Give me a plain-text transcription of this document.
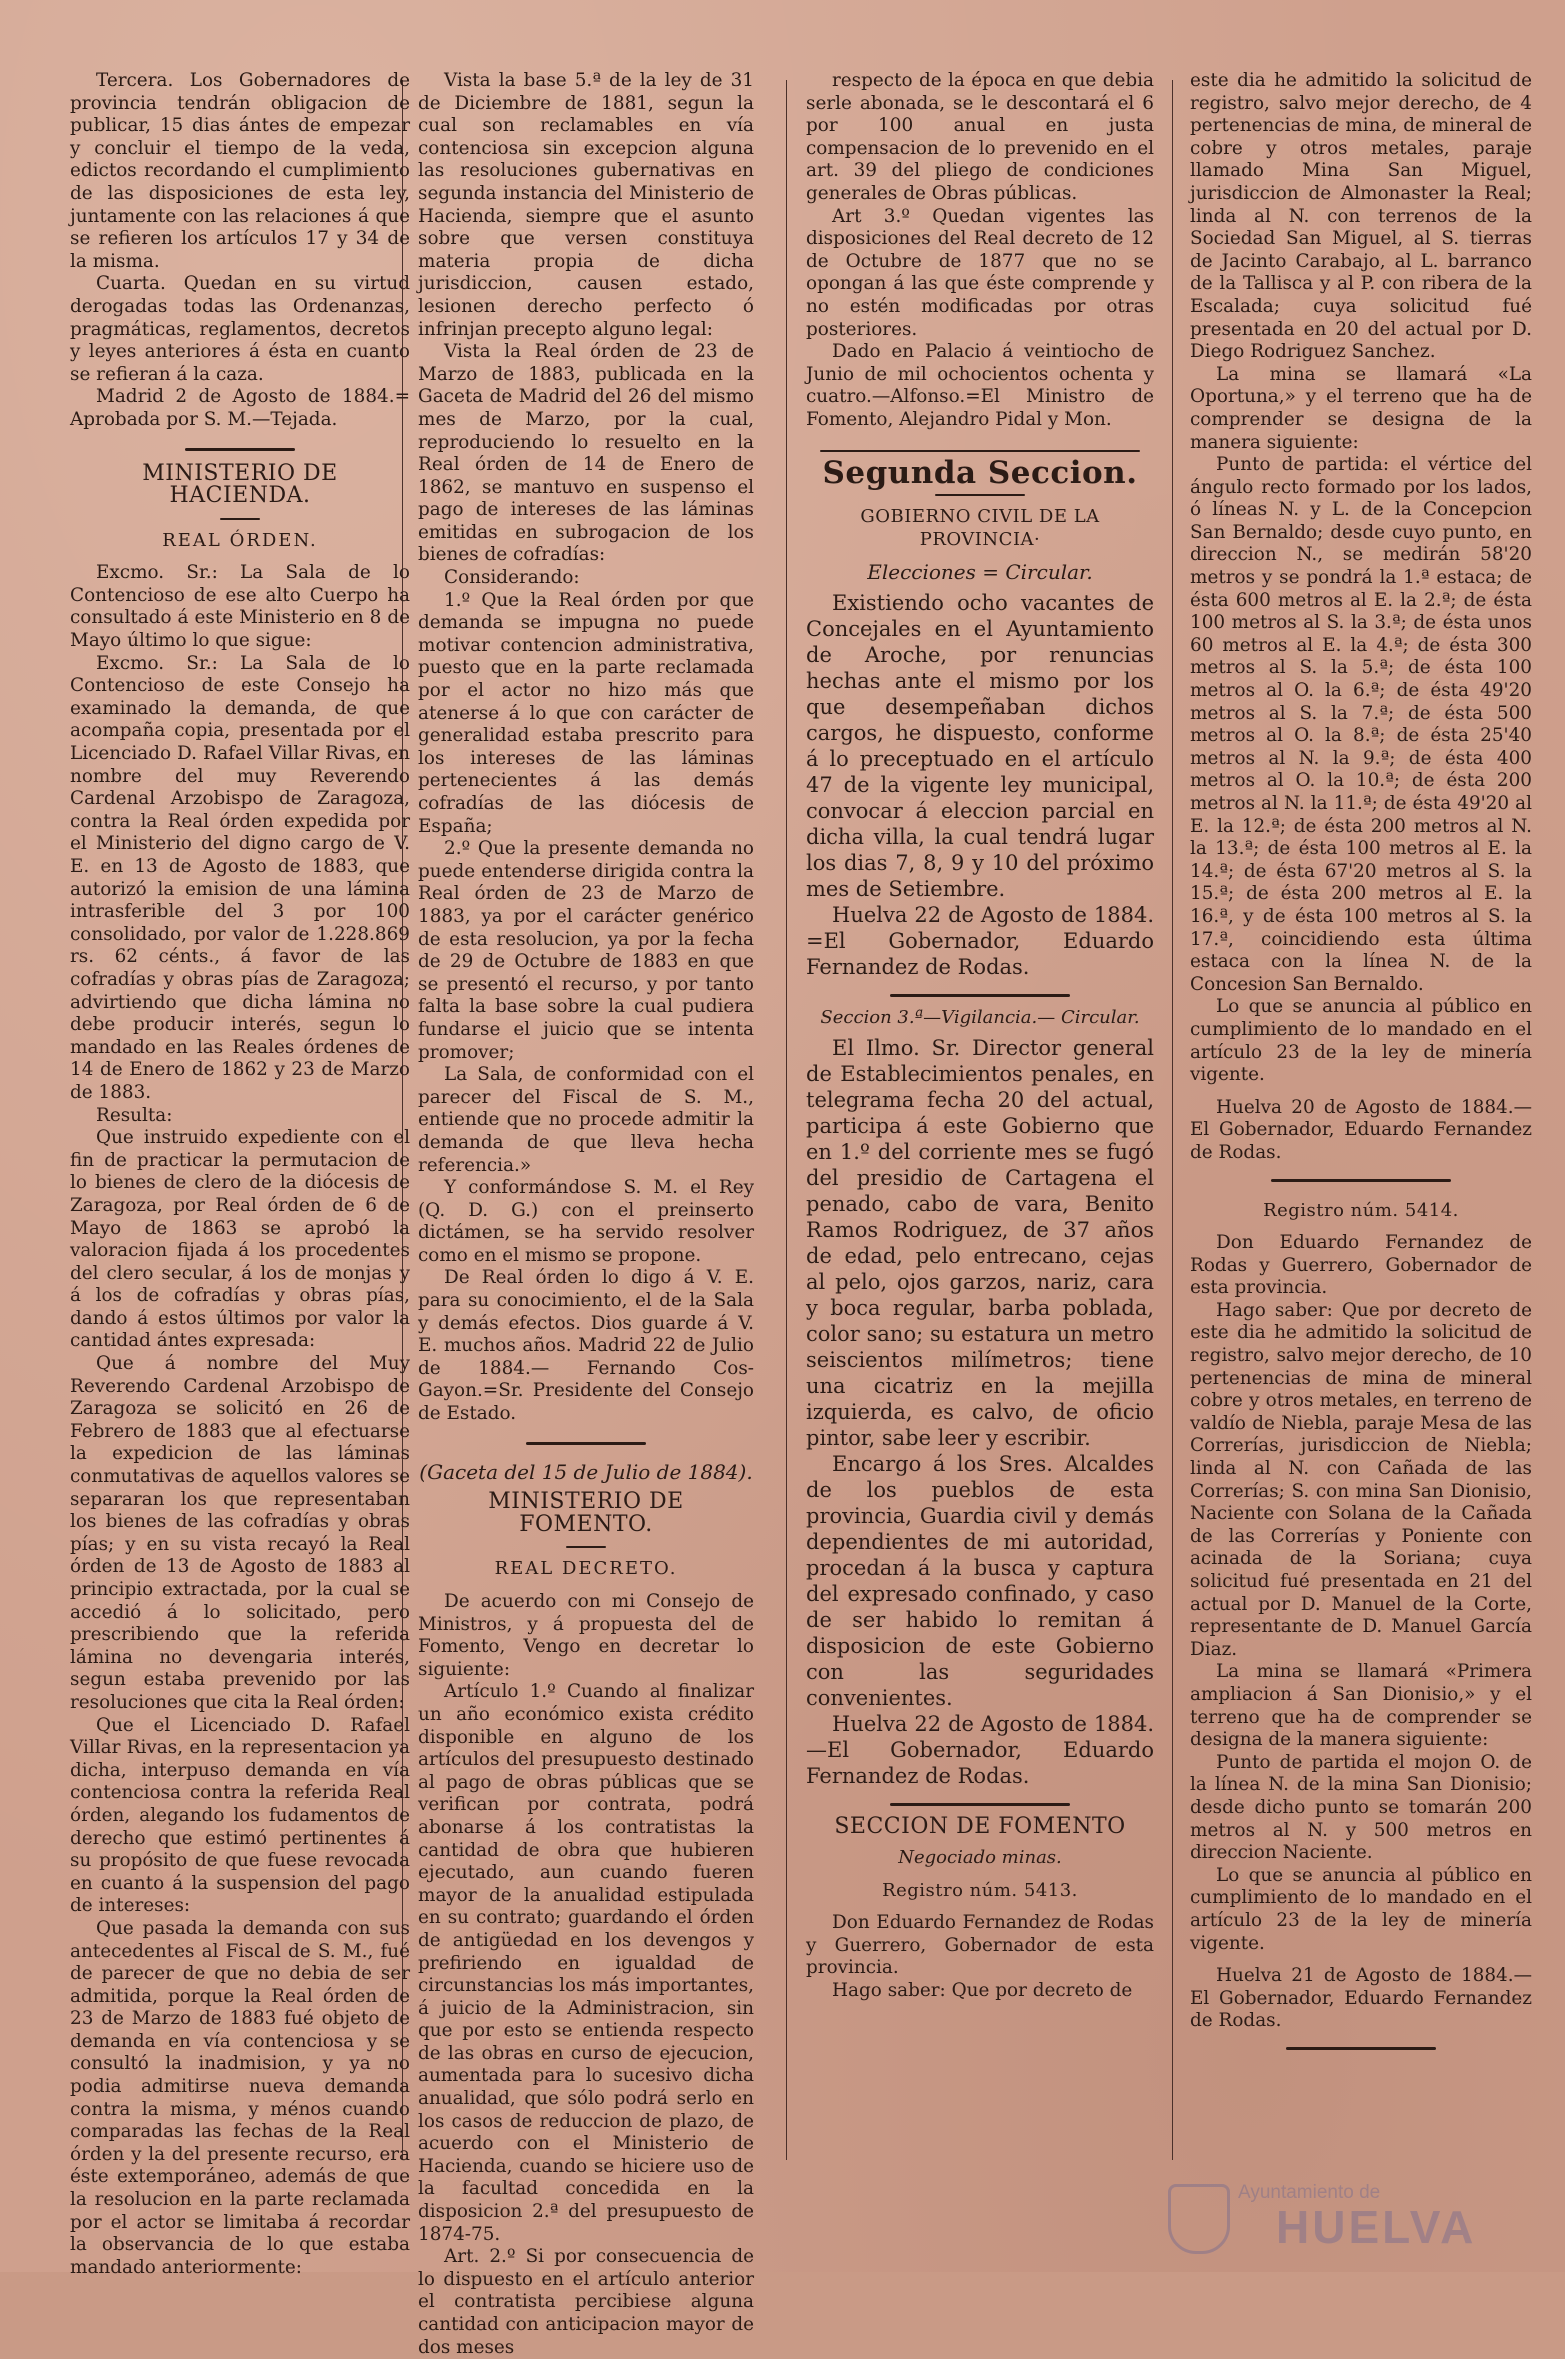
Tercera. Los Gobernadores de provincia tendrán obligacion de publicar, 15 dias ántes de empezar y concluir el tiempo de la veda, edictos recordando el cumplimiento de las disposiciones de esta ley, juntamente con las relaciones á que se refieren los artículos 17 y 34 de la misma.

Cuarta. Quedan en su virtud derogadas todas las Ordenanzas, pragmáticas, reglamentos, decretos y leyes anteriores á ésta en cuanto se refieran á la caza.

Madrid 2 de Agosto de 1884.= Aprobada por S. M.—Tejada.

MINISTERIO DE HACIENDA.

REAL ÓRDEN.

Excmo. Sr.: La Sala de lo Contencioso de ese alto Cuerpo ha consultado á este Ministerio en 8 de Mayo último lo que sigue:

Excmo. Sr.: La Sala de lo Contencioso de este Consejo ha examinado la demanda, de que acompaña copia, presentada por el Licenciado D. Rafael Villar Rivas, en nombre del muy Reverendo Cardenal Arzobispo de Zaragoza, contra la Real órden expedida por el Ministerio del digno cargo de V. E. en 13 de Agosto de 1883, que autorizó la emision de una lámina intrasferible del 3 por 100 consolidado, por valor de 1.228.869 rs. 62 cénts., á favor de las cofradías y obras pías de Zaragoza; advirtiendo que dicha lámina no debe producir interés, segun lo mandado en las Reales órdenes de 14 de Enero de 1862 y 23 de Marzo de 1883.

Resulta:

Que instruido expediente con el fin de practicar la permutacion de lo bienes de clero de la diócesis de Zaragoza, por Real órden de 6 de Mayo de 1863 se aprobó la valoracion fijada á los procedentes del clero secular, á los de monjas y á los de cofradías y obras pías, dando á estos últimos por valor la cantidad ántes expresada:

Que á nombre del Muy Reverendo Cardenal Arzobispo de Zaragoza se solicitó en 26 de Febrero de 1883 que al efectuarse la expedicion de las láminas conmutativas de aquellos valores se separaran los que representaban los bienes de las cofradías y obras pías; y en su vista recayó la Real órden de 13 de Agosto de 1883 al principio extractada, por la cual se accedió á lo solicitado, pero prescribiendo que la referida lámina no devengaria interés, segun estaba prevenido por las resoluciones que cita la Real órden:

Que el Licenciado D. Rafael Villar Rivas, en la representacion ya dicha, interpuso demanda en vía contenciosa contra la referida Real órden, alegando los fudamentos de derecho que estimó pertinentes á su propósito de que fuese revocada en cuanto á la suspension del pago de intereses:

Que pasada la demanda con sus antecedentes al Fiscal de S. M., fué de parecer de que no debia de ser admitida, porque la Real órden de 23 de Marzo de 1883 fué objeto de demanda en vía contenciosa y se consultó la inadmision, y ya no podia admitirse nueva demanda contra la misma, y ménos cuando comparadas las fechas de la Real órden y la del presente recurso, era éste extemporáneo, además de que la resolucion en la parte reclamada por el actor se limitaba á recordar la observancia de lo que estaba mandado anteriormente:

Vista la base 5.ª de la ley de 31 de Diciembre de 1881, segun la cual son reclamables en vía contenciosa sin excepcion alguna las resoluciones gubernativas en segunda instancia del Ministerio de Hacienda, siempre que el asunto sobre que versen constituya materia propia de dicha jurisdiccion, causen estado, lesionen derecho perfecto ó infrinjan precepto alguno legal:

Vista la Real órden de 23 de Marzo de 1883, publicada en la Gaceta de Madrid del 26 del mismo mes de Marzo, por la cual, reproduciendo lo resuelto en la Real órden de 14 de Enero de 1862, se mantuvo en suspenso el pago de intereses de las láminas emitidas en subrogacion de los bienes de cofradías:

Considerando:

1.º Que la Real órden por que demanda se impugna no puede motivar contencion administrativa, puesto que en la parte reclamada por el actor no hizo más que atenerse á lo que con carácter de generalidad estaba prescrito para los intereses de las láminas pertenecientes á las demás cofradías de las diócesis de España;

2.º Que la presente demanda no puede entenderse dirigida contra la Real órden de 23 de Marzo de 1883, ya por el carácter genérico de esta resolucion, ya por la fecha de 29 de Octubre de 1883 en que se presentó el recurso, y por tanto falta la base sobre la cual pudiera fundarse el juicio que se intenta promover;

La Sala, de conformidad con el parecer del Fiscal de S. M., entiende que no procede admitir la demanda de que lleva hecha referencia.»

Y conformándose S. M. el Rey (Q. D. G.) con el preinserto dictámen, se ha servido resolver como en el mismo se propone.

De Real órden lo digo á V. E. para su conocimiento, el de la Sala y demás efectos. Dios guarde á V. E. muchos años. Madrid 22 de Julio de 1884.— Fernando Cos-Gayon.=Sr. Presidente del Consejo de Estado.

(Gaceta del 15 de Julio de 1884).

MINISTERIO DE FOMENTO.

REAL DECRETO.

De acuerdo con mi Consejo de Ministros, y á propuesta del de Fomento, Vengo en decretar lo siguiente:

Artículo 1.º Cuando al finalizar un año económico exista crédito disponible en alguno de los artículos del presupuesto destinado al pago de obras públicas que se verifican por contrata, podrá abonarse á los contratistas la cantidad de obra que hubieren ejecutado, aun cuando fueren mayor de la anualidad estipulada en su contrato; guardando el órden de antigüedad en los devengos y prefiriendo en igualdad de circunstancias los más importantes, á juicio de la Administracion, sin que por esto se entienda respecto de las obras en curso de ejecucion, aumentada para lo sucesivo dicha anualidad, que sólo podrá serlo en los casos de reduccion de plazo, de acuerdo con el Ministerio de Hacienda, cuando se hiciere uso de la facultad concedida en la disposicion 2.ª del presupuesto de 1874-75.

Art. 2.º Si por consecuencia de lo dispuesto en el artículo anterior el contratista percibiese alguna cantidad con anticipacion mayor de dos meses

respecto de la época en que debia serle abonada, se le descontará el 6 por 100 anual en justa compensacion de lo prevenido en el art. 39 del pliego de condiciones generales de Obras públicas.

Art 3.º Quedan vigentes las disposiciones del Real decreto de 12 de Octubre de 1877 que no se opongan á las que éste comprende y no estén modificadas por otras posteriores.

Dado en Palacio á veintiocho de Junio de mil ochocientos ochenta y cuatro.—Alfonso.=El Ministro de Fomento, Alejandro Pidal y Mon.

Segunda Seccion.

GOBIERNO CIVIL DE LA PROVINCIA·

Elecciones = Circular.

Existiendo ocho vacantes de Concejales en el Ayuntamiento de Aroche, por renuncias hechas ante el mismo por los que desempeñaban dichos cargos, he dispuesto, conforme á lo preceptuado en el artículo 47 de la vigente ley municipal, convocar á eleccion parcial en dicha villa, la cual tendrá lugar los dias 7, 8, 9 y 10 del próximo mes de Setiembre.

Huelva 22 de Agosto de 1884. =El Gobernador, Eduardo Fernandez de Rodas.

Seccion 3.ª—Vigilancia.— Circular.

El Ilmo. Sr. Director general de Establecimientos penales, en telegrama fecha 20 del actual, participa á este Gobierno que en 1.º del corriente mes se fugó del presidio de Cartagena el penado, cabo de vara, Benito Ramos Rodriguez, de 37 años de edad, pelo entrecano, cejas al pelo, ojos garzos, nariz, cara y boca regular, barba poblada, color sano; su estatura un metro seiscientos milímetros; tiene una cicatriz en la mejilla izquierda, es calvo, de oficio pintor, sabe leer y escribir.

Encargo á los Sres. Alcaldes de los pueblos de esta provincia, Guardia civil y demás dependientes de mi autoridad, procedan á la busca y captura del expresado confinado, y caso de ser habido lo remitan á disposicion de este Gobierno con las seguridades convenientes.

Huelva 22 de Agosto de 1884. —El Gobernador, Eduardo Fernandez de Rodas.

SECCION DE FOMENTO

Negociado minas.

Registro núm. 5413.

Don Eduardo Fernandez de Rodas y Guerrero, Gobernador de esta provincia.

Hago saber: Que por decreto de

este dia he admitido la solicitud de registro, salvo mejor derecho, de 4 pertenencias de mina, de mineral de cobre y otros metales, paraje llamado Mina San Miguel, jurisdiccion de Almonaster la Real; linda al N. con terrenos de la Sociedad San Miguel, al S. tierras de Jacinto Carabajo, al L. barranco de la Tallisca y al P. con ribera de la Escalada; cuya solicitud fué presentada en 20 del actual por D. Diego Rodriguez Sanchez.

La mina se llamará «La Oportuna,» y el terreno que ha de comprender se designa de la manera siguiente:

Punto de partida: el vértice del ángulo recto formado por los lados, ó líneas N. y L. de la Concepcion San Bernaldo; desde cuyo punto, en direccion N., se medirán 58'20 metros y se pondrá la 1.ª estaca; de ésta 600 metros al E. la 2.ª; de ésta 100 metros al S. la 3.ª; de ésta unos 60 metros al E. la 4.ª; de ésta 300 metros al S. la 5.ª; de ésta 100 metros al O. la 6.ª; de ésta 49'20 metros al S. la 7.ª; de ésta 500 metros al O. la 8.ª; de ésta 25'40 metros al N. la 9.ª; de ésta 400 metros al O. la 10.ª; de ésta 200 metros al N. la 11.ª; de ésta 49'20 al E. la 12.ª; de ésta 200 metros al N. la 13.ª; de ésta 100 metros al E. la 14.ª; de ésta 67'20 metros al S. la 15.ª; de ésta 200 metros al E. la 16.ª, y de ésta 100 metros al S. la 17.ª, coincidiendo esta última estaca con la línea N. de la Concesion San Bernaldo.

Lo que se anuncia al público en cumplimiento de lo mandado en el artículo 23 de la ley de minería vigente.

Huelva 20 de Agosto de 1884.—El Gobernador, Eduardo Fernandez de Rodas.

Registro núm. 5414.

Don Eduardo Fernandez de Rodas y Guerrero, Gobernador de esta provincia.

Hago saber: Que por decreto de este dia he admitido la solicitud de registro, salvo mejor derecho, de 10 pertenencias de mina de mineral cobre y otros metales, en terreno de valdío de Niebla, paraje Mesa de las Correrías, jurisdiccion de Niebla; linda al N. con Cañada de las Correrías; S. con mina San Dionisio, Naciente con Solana de la Cañada de las Correrías y Poniente con acinada de la Soriana; cuya solicitud fué presentada en 21 del actual por D. Manuel de la Corte, representante de D. Manuel García Diaz.

La mina se llamará «Primera ampliacion á San Dionisio,» y el terreno que ha de comprender se designa de la manera siguiente:

Punto de partida el mojon O. de la línea N. de la mina San Dionisio; desde dicho punto se tomarán 200 metros al N. y 500 metros en direccion Naciente.

Lo que se anuncia al público en cumplimiento de lo mandado en el artículo 23 de la ley de minería vigente.

Huelva 21 de Agosto de 1884.—El Gobernador, Eduardo Fernandez de Rodas.

Ayuntamiento de
HUELVA
